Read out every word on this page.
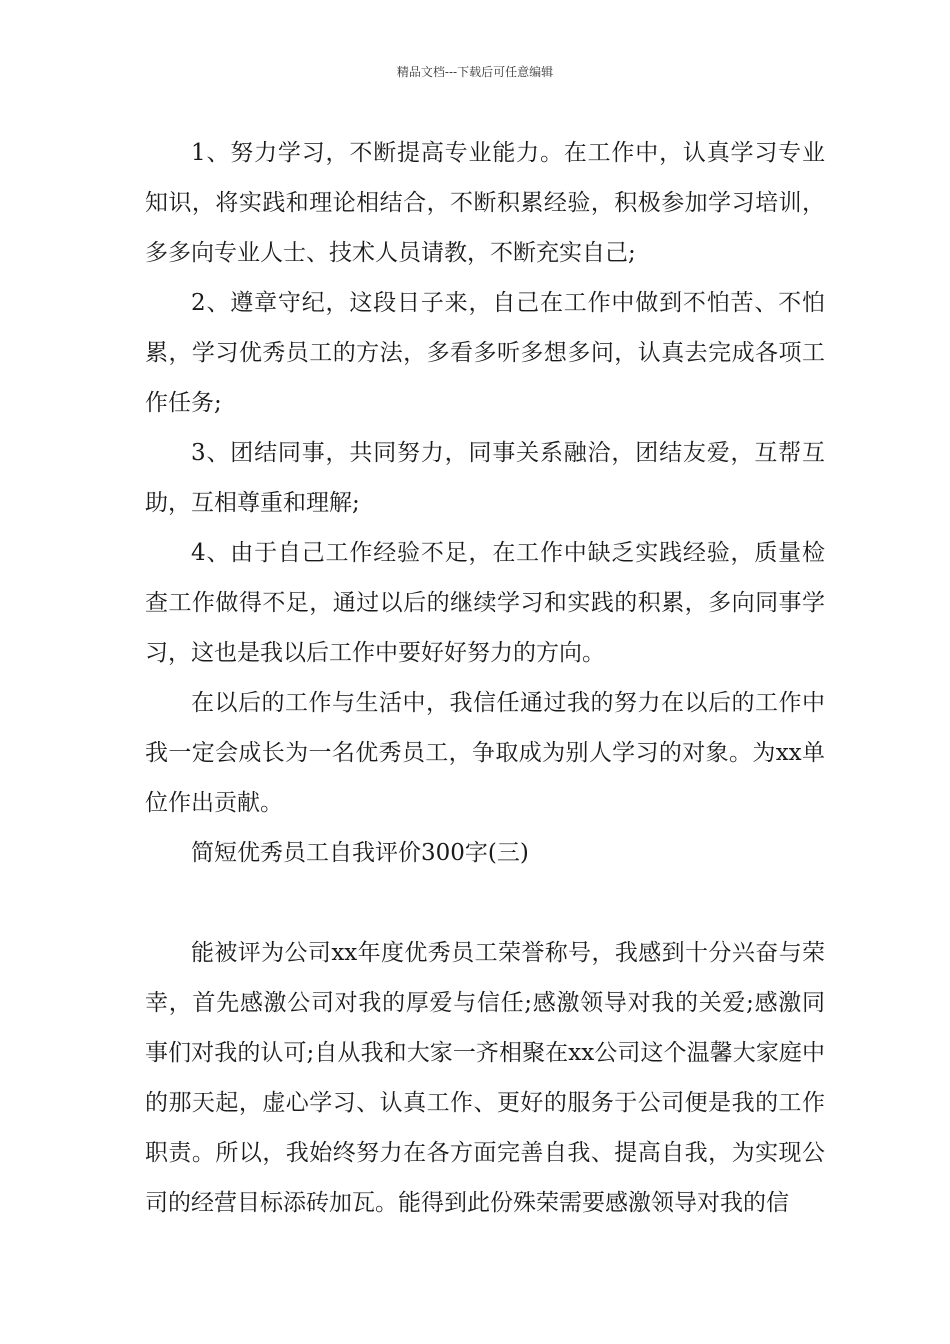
精品文档---下载后可任意编辑

1、努力学习，不断提高专业能力。在工作中，认真学习专业知识，将实践和理论相结合，不断积累经验，积极参加学习培训，多多向专业人士、技术人员请教，不断充实自己;

2、遵章守纪，这段日子来，自己在工作中做到不怕苦、不怕累，学习优秀员工的方法，多看多听多想多问，认真去完成各项工作任务;

3、团结同事，共同努力，同事关系融洽，团结友爱，互帮互助，互相尊重和理解;

4、由于自己工作经验不足，在工作中缺乏实践经验，质量检查工作做得不足，通过以后的继续学习和实践的积累，多向同事学习，这也是我以后工作中要好好努力的方向。

在以后的工作与生活中，我信任通过我的努力在以后的工作中我一定会成长为一名优秀员工，争取成为别人学习的对象。为xx单位作出贡献。

简短优秀员工自我评价300字(三)

能被评为公司xx年度优秀员工荣誉称号，我感到十分兴奋与荣幸，首先感激公司对我的厚爱与信任;感激领导对我的关爱;感激同事们对我的认可;自从我和大家一齐相聚在xx公司这个温馨大家庭中的那天起，虚心学习、认真工作、更好的服务于公司便是我的工作职责。所以，我始终努力在各方面完善自我、提高自我，为实现公司的经营目标添砖加瓦。能得到此份殊荣需要感激领导对我的信
